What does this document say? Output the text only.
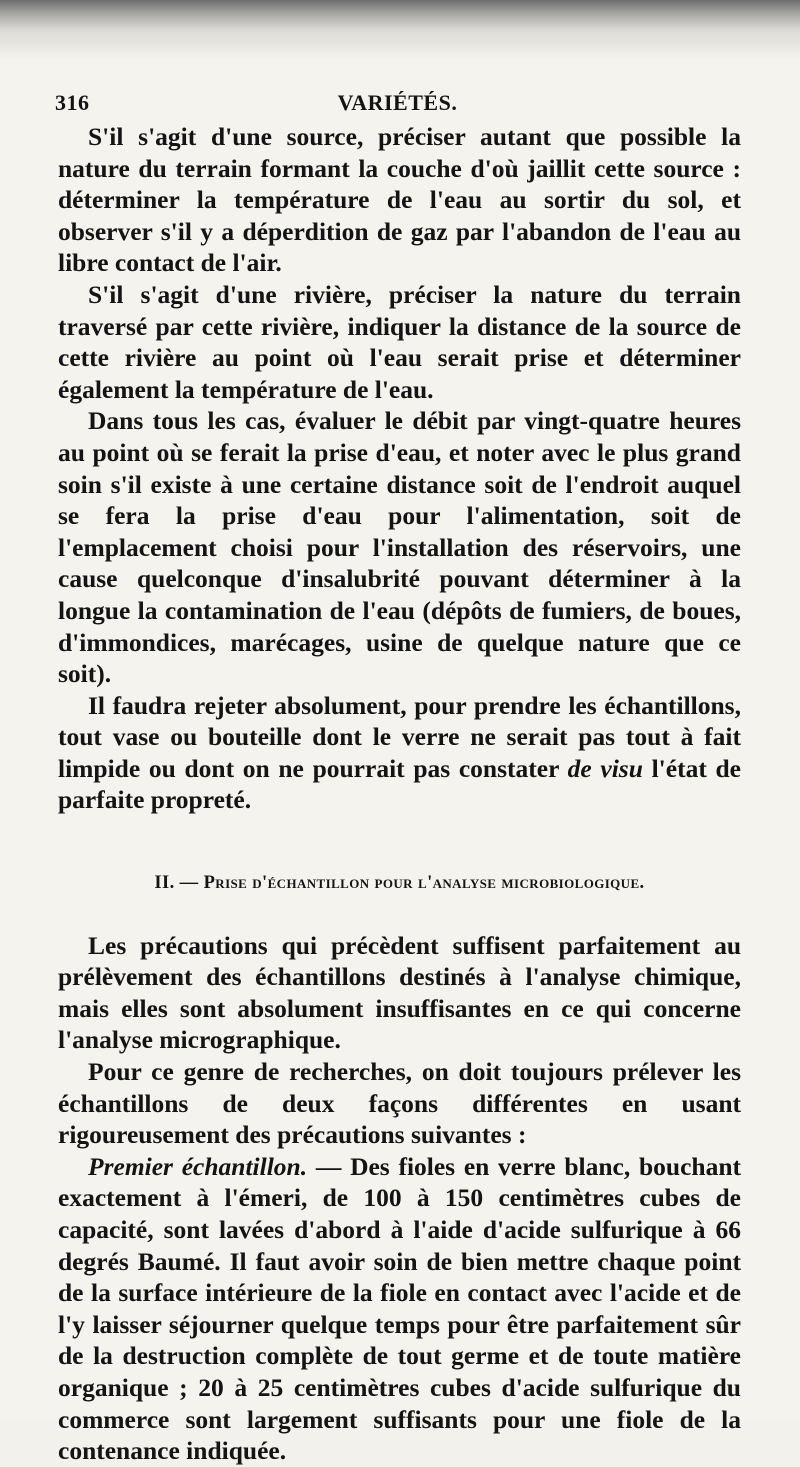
316	VARIÉTÉS.

S'il s'agit d'une source, préciser autant que possible la nature du terrain formant la couche d'où jaillit cette source : déterminer la température de l'eau au sortir du sol, et observer s'il y a déperdition de gaz par l'abandon de l'eau au libre contact de l'air.

S'il s'agit d'une rivière, préciser la nature du terrain traversé par cette rivière, indiquer la distance de la source de cette rivière au point où l'eau serait prise et déterminer également la température de l'eau.

Dans tous les cas, évaluer le débit par vingt-quatre heures au point où se ferait la prise d'eau, et noter avec le plus grand soin s'il existe à une certaine distance soit de l'endroit auquel se fera la prise d'eau pour l'alimentation, soit de l'emplacement choisi pour l'installation des réservoirs, une cause quelconque d'insalubrité pouvant déterminer à la longue la contamination de l'eau (dépôts de fumiers, de boues, d'immondices, marécages, usine de quelque nature que ce soit).

Il faudra rejeter absolument, pour prendre les échantillons, tout vase ou bouteille dont le verre ne serait pas tout à fait limpide ou dont on ne pourrait pas constater de visu l'état de parfaite propreté.

II. — Prise d'échantillon pour l'analyse microbiologique.

Les précautions qui précèdent suffisent parfaitement au prélèvement des échantillons destinés à l'analyse chimique, mais elles sont absolument insuffisantes en ce qui concerne l'analyse micrographique.

Pour ce genre de recherches, on doit toujours prélever les échantillons de deux façons différentes en usant rigoureusement des précautions suivantes :

Premier échantillon. — Des fioles en verre blanc, bouchant exactement à l'émeri, de 100 à 150 centimètres cubes de capacité, sont lavées d'abord à l'aide d'acide sulfurique à 66 degrés Baumé. Il faut avoir soin de bien mettre chaque point de la surface intérieure de la fiole en contact avec l'acide et de l'y laisser séjourner quelque temps pour être parfaitement sûr de la destruction complète de tout germe et de toute matière organique ; 20 à 25 centimètres cubes d'acide sulfurique du commerce sont largement suffisants pour une fiole de la contenance indiquée.
